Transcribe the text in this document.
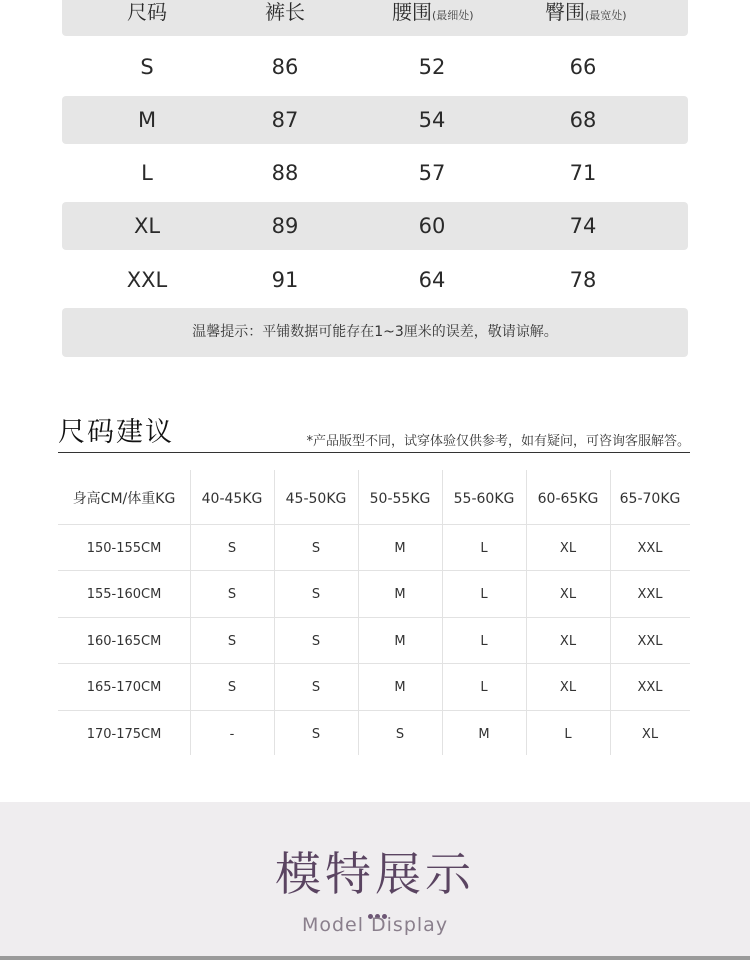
尺码	裤长	腰围(最细处)	臀围(最宽处)
S	86	52	66
M	87	54	68
L	88	57	71
XL	89	60	74
XXL	91	64	78
温馨提示：平铺数据可能存在1~3厘米的误差，敬请谅解。
尺码建议	*产品版型不同，试穿体验仅供参考，如有疑问，可咨询客服解答。
身高CM/体重KG	40-45KG	45-50KG	50-55KG	55-60KG	60-65KG	65-70KG
150-155CM	S	S	M	L	XL	XXL
155-160CM	S	S	M	L	XL	XXL
160-165CM	S	S	M	L	XL	XXL
165-170CM	S	S	M	L	XL	XXL
170-175CM	-	S	S	M	L	XL
模特展示
Model Display
